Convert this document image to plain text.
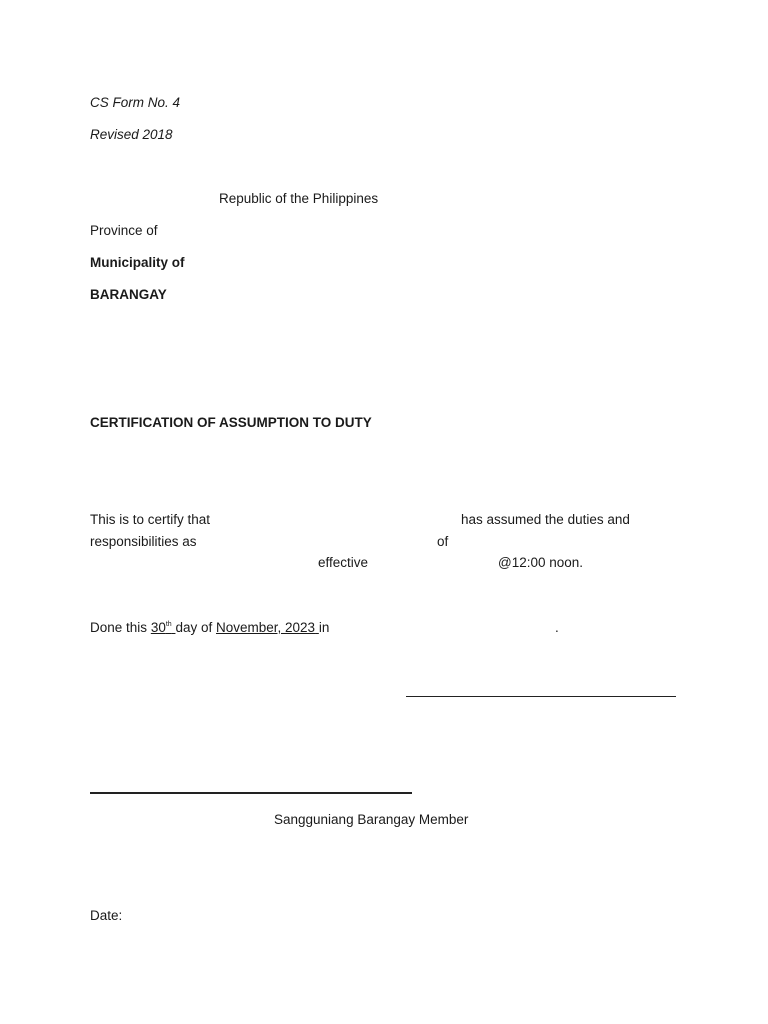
CS Form No. 4
Revised 2018
Republic of the Philippines
Province of
Municipality of
BARANGAY
CERTIFICATION OF ASSUMPTION TO DUTY
This is to certify that	has assumed the duties and
responsibilities as	of
effective	@12:00 noon.
Done this 30th day of November, 2023 in	.
Sangguniang Barangay Member
Date:
